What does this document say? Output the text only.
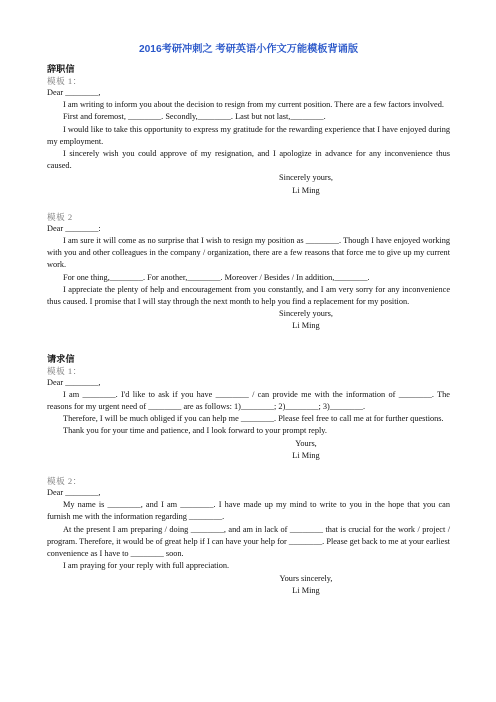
2016考研冲刺之 考研英语小作文万能模板背诵版

辞职信

模板 1：

Dear ________,

I am writing to inform you about the decision to resign from my current position. There are a few factors involved.

First and foremost, ________. Secondly,________. Last but not last,________.

I would like to take this opportunity to express my gratitude for the rewarding experience that I have enjoyed during my employment.

I sincerely wish you could approve of my resignation, and I apologize in advance for any inconvenience thus caused.

Sincerely yours,

Li Ming

模板 2

Dear ________:

I am sure it will come as no surprise that I wish to resign my position as ________. Though I have enjoyed working with you and other colleagues in the company / organization, there are a few reasons that force me to give up my current work.

For one thing,________. For another,________. Moreover / Besides / In addition,________.

I appreciate the plenty of help and encouragement from you constantly, and I am very sorry for any inconvenience thus caused. I promise that I will stay through the next month to help you find a replacement for my position.

Sincerely yours,

Li Ming

请求信

模板 1：

Dear ________,

I am ________. I'd like to ask if you have ________ / can provide me with the information of ________. The reasons for my urgent need of ________ are as follows: 1)________; 2)________; 3)________.

Therefore, I will be much obliged if you can help me ________. Please feel free to call me at for further questions.

Thank you for your time and patience, and I look forward to your prompt reply.

Yours,

Li Ming

模板 2：

Dear ________,

My name is ________, and I am ________. I have made up my mind to write to you in the hope that you can furnish me with the information regarding ________.

At the present I am preparing / doing ________, and am in lack of ________ that is crucial for the work / project / program. Therefore, it would be of great help if I can have your help for ________. Please get back to me at your earliest convenience as I have to ________ soon.

I am praying for your reply with full appreciation.

Yours sincerely,

Li Ming
